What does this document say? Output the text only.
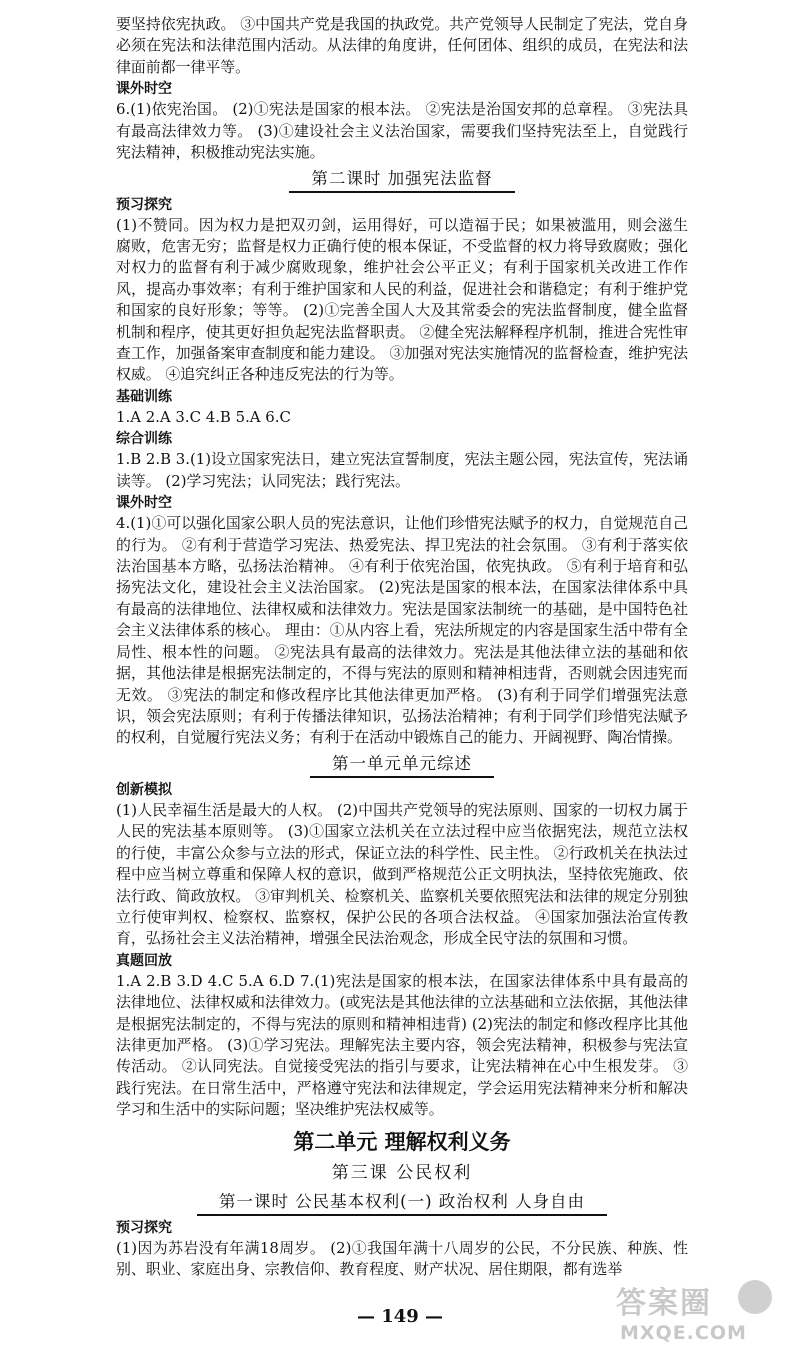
要坚持依宪执政。 ③中国共产党是我国的执政党。共产党领导人民制定了宪法，党自身必须在宪法和法律范围内活动。从法律的角度讲，任何团体、组织的成员，在宪法和法律面前都一律平等。

课外时空

6.(1)依宪治国。 (2)①宪法是国家的根本法。 ②宪法是治国安邦的总章程。 ③宪法具有最高法律效力等。 (3)①建设社会主义法治国家，需要我们坚持宪法至上，自觉践行宪法精神，积极推动宪法实施。

第二课时 加强宪法监督

预习探究

(1)不赞同。因为权力是把双刃剑，运用得好，可以造福于民；如果被滥用，则会滋生腐败，危害无穷；监督是权力正确行使的根本保证，不受监督的权力将导致腐败；强化对权力的监督有利于减少腐败现象，维护社会公平正义；有利于国家机关改进工作作风，提高办事效率；有利于维护国家和人民的利益，促进社会和谐稳定；有利于维护党和国家的良好形象；等等。 (2)①完善全国人大及其常委会的宪法监督制度，健全监督机制和程序，使其更好担负起宪法监督职责。 ②健全宪法解释程序机制，推进合宪性审查工作，加强备案审查制度和能力建设。 ③加强对宪法实施情况的监督检查，维护宪法权威。 ④追究纠正各种违反宪法的行为等。

基础训练

1.A 2.A 3.C 4.B 5.A 6.C

综合训练

1.B 2.B 3.(1)设立国家宪法日，建立宪法宣誓制度，宪法主题公园，宪法宣传，宪法诵读等。 (2)学习宪法；认同宪法；践行宪法。

课外时空

4.(1)①可以强化国家公职人员的宪法意识，让他们珍惜宪法赋予的权力，自觉规范自己的行为。 ②有利于营造学习宪法、热爱宪法、捍卫宪法的社会氛围。 ③有利于落实依法治国基本方略，弘扬法治精神。 ④有利于依宪治国，依宪执政。 ⑤有利于培育和弘扬宪法文化，建设社会主义法治国家。 (2)宪法是国家的根本法，在国家法律体系中具有最高的法律地位、法律权威和法律效力。宪法是国家法制统一的基础，是中国特色社会主义法律体系的核心。 理由：①从内容上看，宪法所规定的内容是国家生活中带有全局性、根本性的问题。 ②宪法具有最高的法律效力。宪法是其他法律立法的基础和依据，其他法律是根据宪法制定的，不得与宪法的原则和精神相违背，否则就会因违宪而无效。 ③宪法的制定和修改程序比其他法律更加严格。 (3)有利于同学们增强宪法意识，领会宪法原则；有利于传播法律知识，弘扬法治精神；有利于同学们珍惜宪法赋予的权利，自觉履行宪法义务；有利于在活动中锻炼自己的能力、开阔视野、陶冶情操。

第一单元单元综述

创新模拟

(1)人民幸福生活是最大的人权。 (2)中国共产党领导的宪法原则、国家的一切权力属于人民的宪法基本原则等。 (3)①国家立法机关在立法过程中应当依据宪法，规范立法权的行使，丰富公众参与立法的形式，保证立法的科学性、民主性。 ②行政机关在执法过程中应当树立尊重和保障人权的意识，做到严格规范公正文明执法，坚持依宪施政、依法行政、简政放权。 ③审判机关、检察机关、监察机关要依照宪法和法律的规定分别独立行使审判权、检察权、监察权，保护公民的各项合法权益。 ④国家加强法治宣传教育，弘扬社会主义法治精神，增强全民法治观念，形成全民守法的氛围和习惯。

真题回放

1.A 2.B 3.D 4.C 5.A 6.D 7.(1)宪法是国家的根本法，在国家法律体系中具有最高的法律地位、法律权威和法律效力。(或宪法是其他法律的立法基础和立法依据，其他法律是根据宪法制定的，不得与宪法的原则和精神相违背) (2)宪法的制定和修改程序比其他法律更加严格。 (3)①学习宪法。理解宪法主要内容，领会宪法精神，积极参与宪法宣传活动。 ②认同宪法。自觉接受宪法的指引与要求，让宪法精神在心中生根发芽。 ③践行宪法。在日常生活中，严格遵守宪法和法律规定，学会运用宪法精神来分析和解决学习和生活中的实际问题；坚决维护宪法权威等。

第二单元 理解权利义务

第三课 公民权利

第一课时 公民基本权利(一) 政治权利 人身自由

预习探究

(1)因为苏岩没有年满18周岁。 (2)①我国年满十八周岁的公民，不分民族、种族、性别、职业、家庭出身、宗教信仰、教育程度、财产状况、居住期限，都有选举

— 149 —	答案圈
MXQE.COM
